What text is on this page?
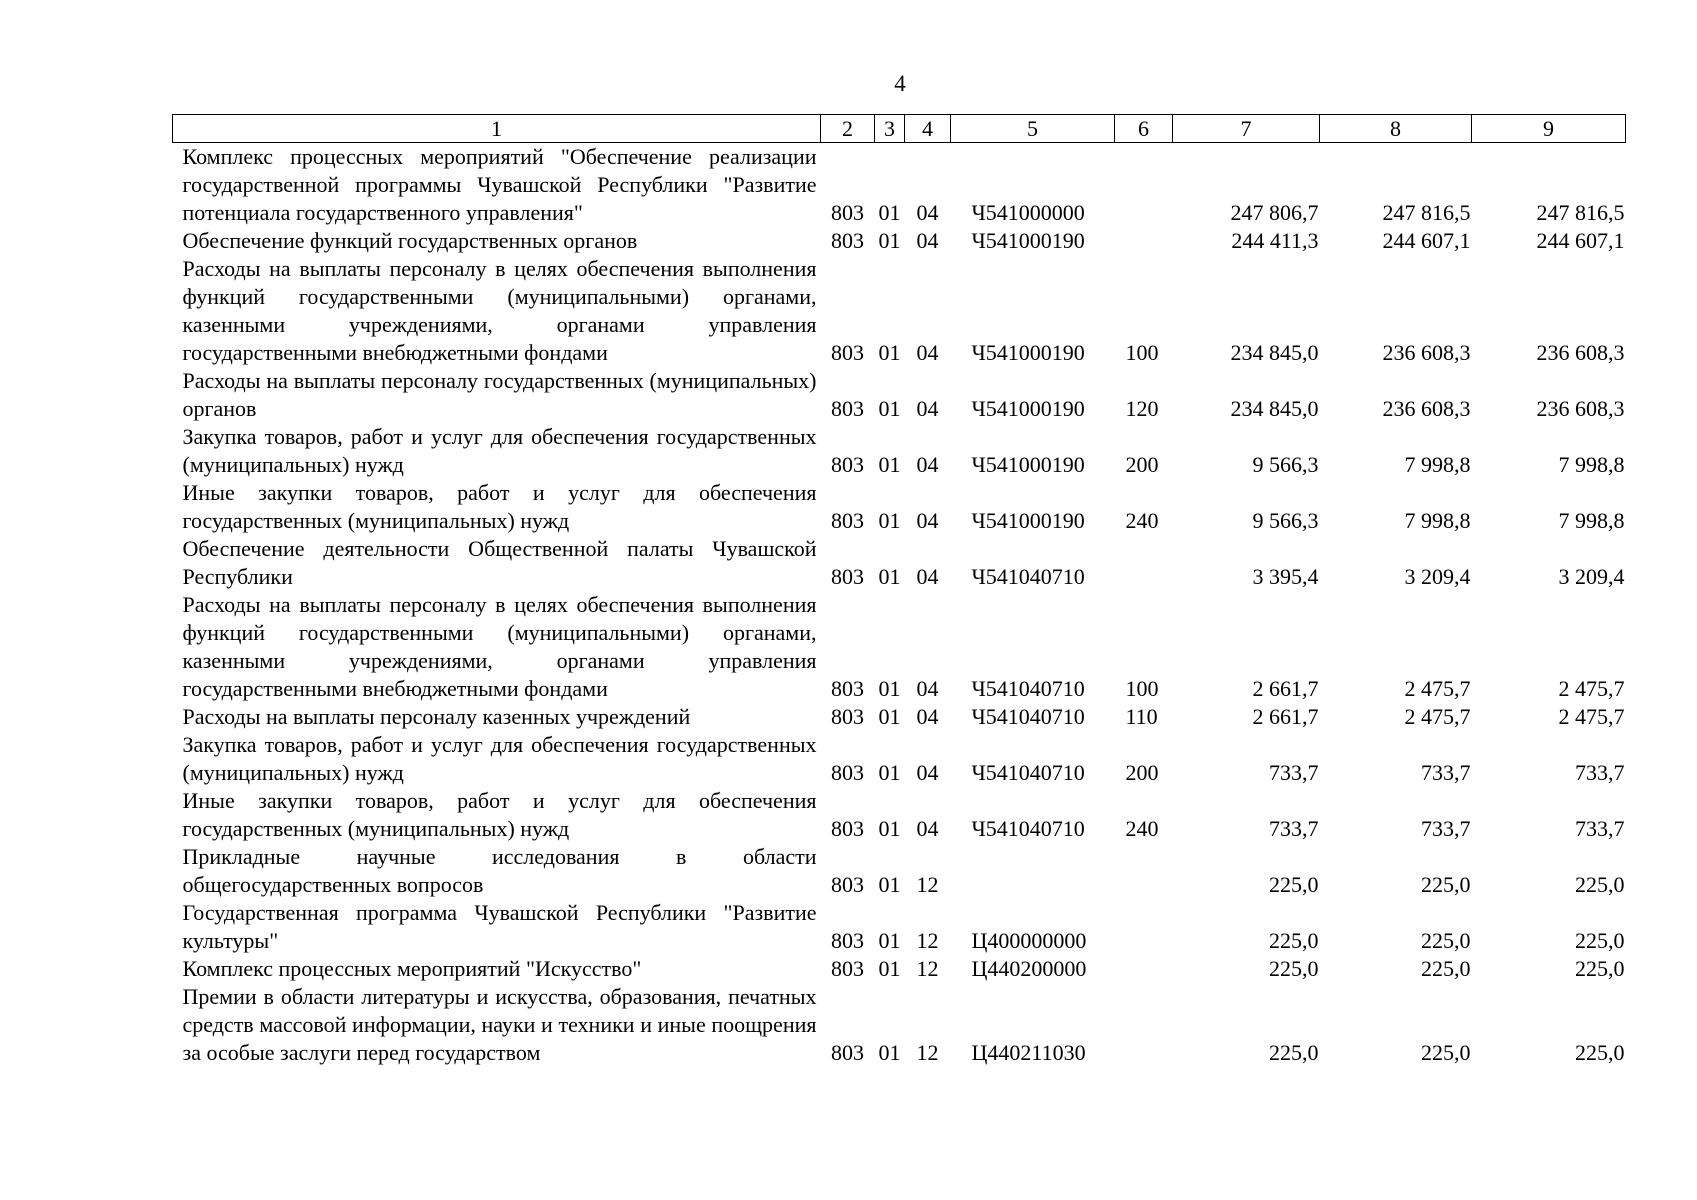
4
1	2	3	4	5	6	7	8	9
Комплекс процессных мероприятий "Обеспечение реализации государственной программы Чувашской Республики "Развитие потенциала государственного управления"	803	01	04	Ч541000000		247 806,7	247 816,5	247 816,5
Обеспечение функций государственных органов	803	01	04	Ч541000190		244 411,3	244 607,1	244 607,1
Расходы на выплаты персоналу в целях обеспечения выполнения функций государственными (муниципальными) органами, казенными учреждениями, органами управления государственными внебюджетными фондами	803	01	04	Ч541000190	100	234 845,0	236 608,3	236 608,3
Расходы на выплаты персоналу государственных (муниципальных) органов	803	01	04	Ч541000190	120	234 845,0	236 608,3	236 608,3
Закупка товаров, работ и услуг для обеспечения государственных (муниципальных) нужд	803	01	04	Ч541000190	200	9 566,3	7 998,8	7 998,8
Иные закупки товаров, работ и услуг для обеспечения государственных (муниципальных) нужд	803	01	04	Ч541000190	240	9 566,3	7 998,8	7 998,8
Обеспечение деятельности Общественной палаты Чувашской Республики	803	01	04	Ч541040710		3 395,4	3 209,4	3 209,4
Расходы на выплаты персоналу в целях обеспечения выполнения функций государственными (муниципальными) органами, казенными учреждениями, органами управления государственными внебюджетными фондами	803	01	04	Ч541040710	100	2 661,7	2 475,7	2 475,7
Расходы на выплаты персоналу казенных учреждений	803	01	04	Ч541040710	110	2 661,7	2 475,7	2 475,7
Закупка товаров, работ и услуг для обеспечения государственных (муниципальных) нужд	803	01	04	Ч541040710	200	733,7	733,7	733,7
Иные закупки товаров, работ и услуг для обеспечения государственных (муниципальных) нужд	803	01	04	Ч541040710	240	733,7	733,7	733,7
Прикладные научные исследования в области общегосударственных вопросов	803	01	12			225,0	225,0	225,0
Государственная программа Чувашской Республики "Развитие культуры"	803	01	12	Ц400000000		225,0	225,0	225,0
Комплекс процессных мероприятий "Искусство"	803	01	12	Ц440200000		225,0	225,0	225,0
Премии в области литературы и искусства, образования, печатных средств массовой информации, науки и техники и иные поощрения за особые заслуги перед государством	803	01	12	Ц440211030		225,0	225,0	225,0
